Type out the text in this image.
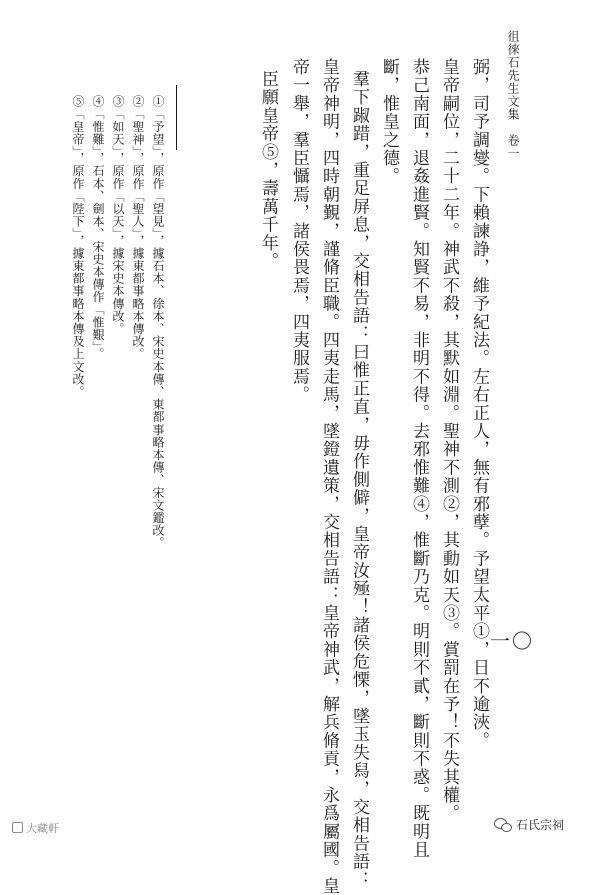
徂徠石先生文集　卷一
弼，司予調燮。下賴諫諍，維予紀法。左右正人，無有邪孽。予望太平①，日不逾浹。
皇帝嗣位，二十二年。神武不殺，其默如淵。聖神不測②，其動如天③。賞罰在予！不失其權。
恭己南面，退姦進賢。知賢不易，非明不得。去邪惟難④，惟斷乃克。明則不貳，斷則不惑。既明且
斷，惟皇之德。
羣下踧踖，重足屏息，交相告語：曰惟正直，毋作側僻，皇帝汝殛！諸侯危慄，墜玉失舄，交相告語：
皇帝神明，四時朝覲，謹脩臣職。四夷走馬，墜鐙遺策，交相告語：皇帝神武，解兵脩貢，永爲屬國。皇
帝一舉，羣臣懾焉，諸侯畏焉，四夷服焉。
臣願皇帝⑤，壽萬千年。
①「予望」，原作「望見」，據石本、徐本、宋史本傳、東都事略本傳、宋文鑑改。
②「聖神」，原作「聖人」，據東都事略本傳改。
③「如天」，原作「以天」，據宋史本傳改。
④「惟難」，石本、劍本、宋史本傳作「惟艱」。
⑤「皇帝」，原作「陛下」，據東都事略本傳及上文改。
一〇
大藏軒	石氏宗祠
